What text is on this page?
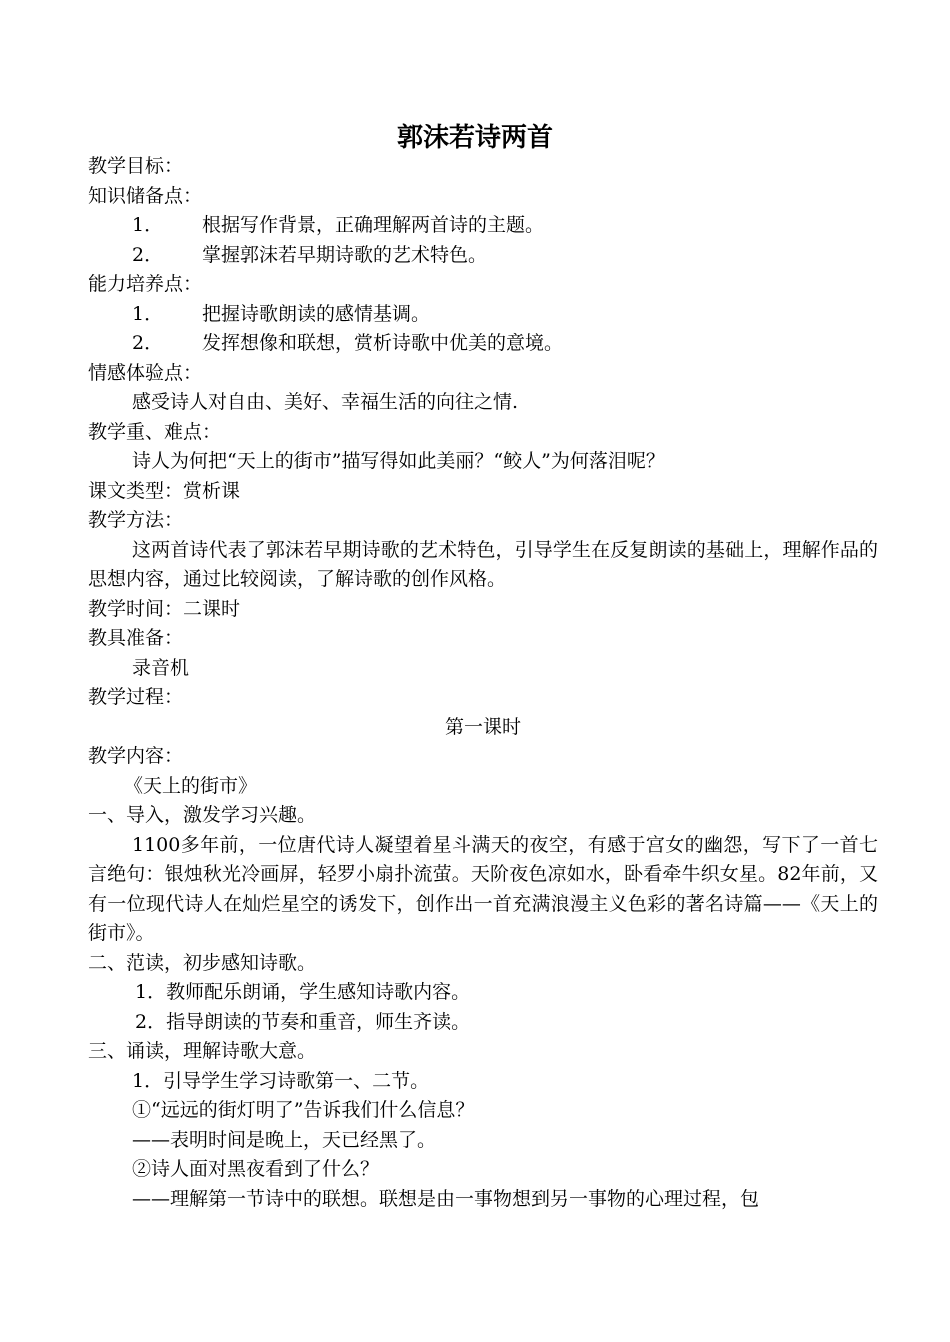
郭沫若诗两首
教学目标：
知识储备点：
1． 根据写作背景，正确理解两首诗的主题。
2． 掌握郭沫若早期诗歌的艺术特色。
能力培养点：
1． 把握诗歌朗读的感情基调。
2． 发挥想像和联想，赏析诗歌中优美的意境。
情感体验点：
感受诗人对自由、美好、幸福生活的向往之情.
教学重、难点：
诗人为何把“天上的街市”描写得如此美丽？“鲛人”为何落泪呢？
课文类型：赏析课
教学方法：
这两首诗代表了郭沫若早期诗歌的艺术特色，引导学生在反复朗读的基础上，理解作品的思想内容，通过比较阅读，了解诗歌的创作风格。
教学时间：二课时
教具准备：
录音机
教学过程：
第一课时
教学内容：
《天上的街市》
一、导入，激发学习兴趣。
1100多年前，一位唐代诗人凝望着星斗满天的夜空，有感于宫女的幽怨，写下了一首七言绝句：银烛秋光冷画屏，轻罗小扇扑流萤。天阶夜色凉如水，卧看牵牛织女星。82年前，又有一位现代诗人在灿烂星空的诱发下，创作出一首充满浪漫主义色彩的著名诗篇——《天上的街市》。
二、范读，初步感知诗歌。
1．教师配乐朗诵，学生感知诗歌内容。
2．指导朗读的节奏和重音，师生齐读。
三、诵读，理解诗歌大意。
1．引导学生学习诗歌第一、二节。
①“远远的街灯明了”告诉我们什么信息？
——表明时间是晚上，天已经黑了。
②诗人面对黑夜看到了什么？
——理解第一节诗中的联想。联想是由一事物想到另一事物的心理过程，包
